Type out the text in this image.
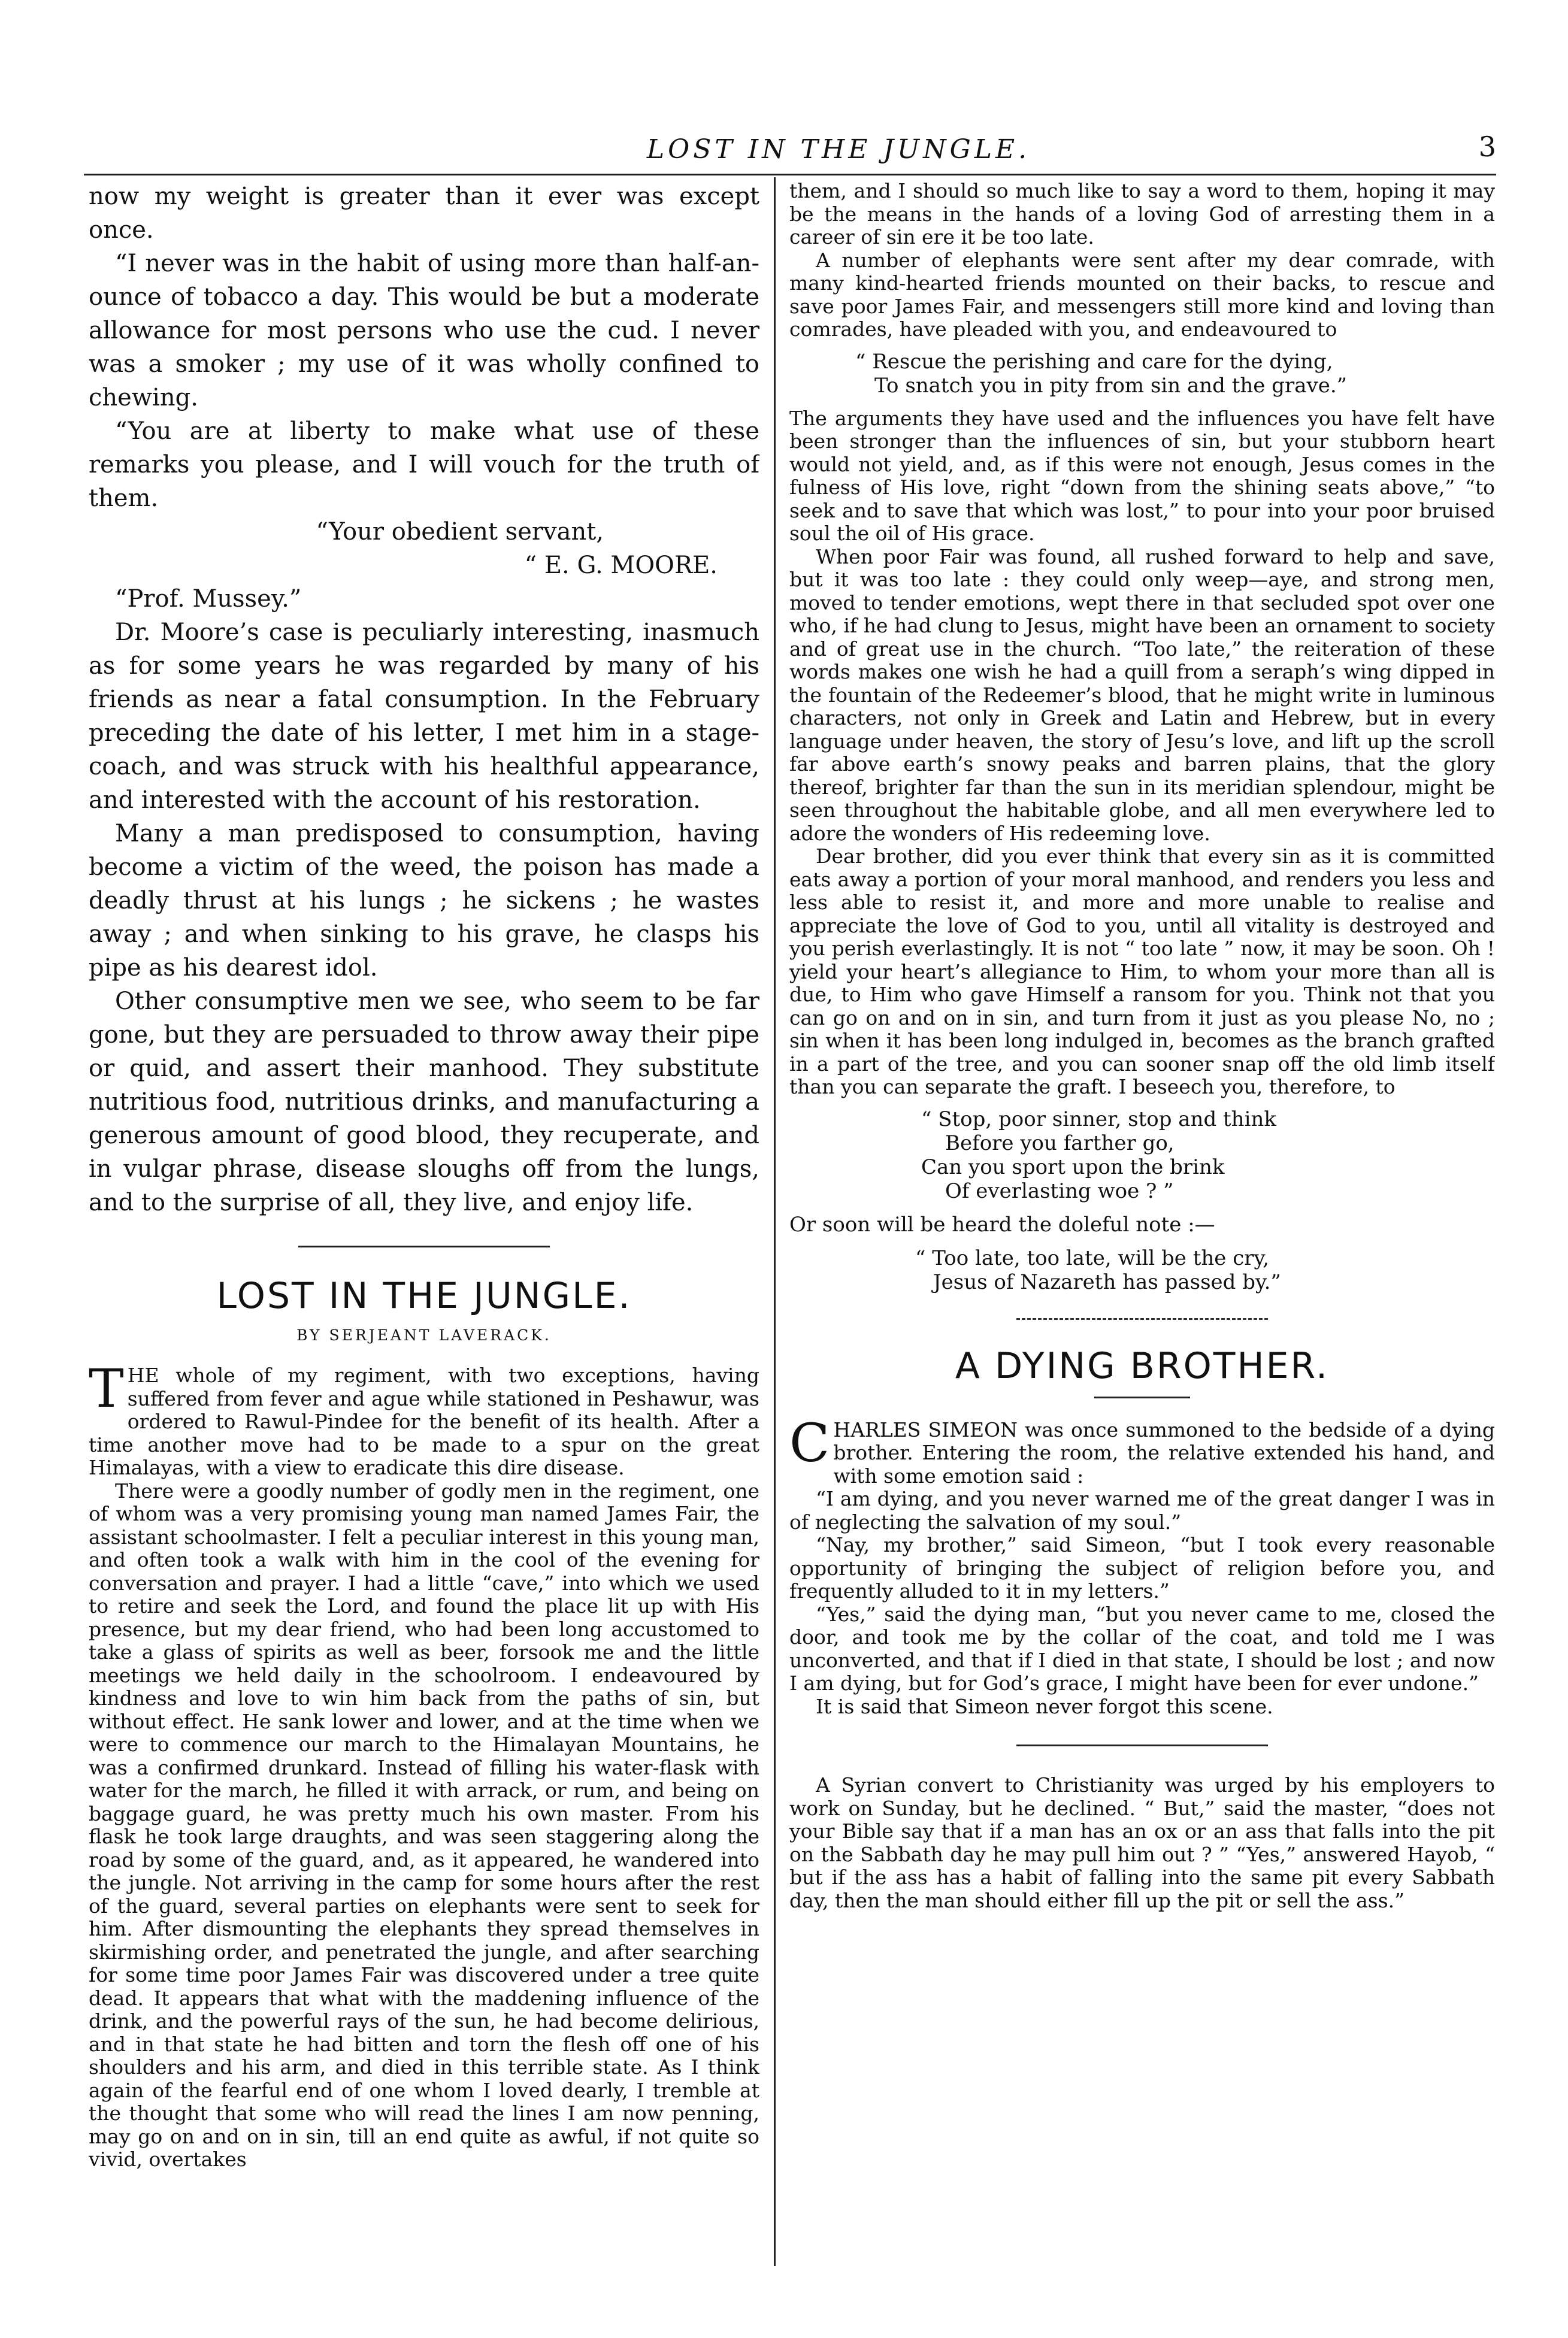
LOST IN THE JUNGLE.	3

now my weight is greater than it ever was except once.

“I never was in the habit of using more than half-an-ounce of tobacco a day. This would be but a moderate allowance for most persons who use the cud. I never was a smoker ; my use of it was wholly confined to chewing.

“You are at liberty to make what use of these remarks you please, and I will vouch for the truth of them.

“Your obedient servant,

“ E. G. MOORE.

“Prof. Mussey.”

Dr. Moore’s case is peculiarly interesting, inasmuch as for some years he was regarded by many of his friends as near a fatal consumption. In the February preceding the date of his letter, I met him in a stage-coach, and was struck with his healthful appearance, and interested with the account of his restoration.

Many a man predisposed to consumption, having become a victim of the weed, the poison has made a deadly thrust at his lungs ; he sickens ; he wastes away ; and when sinking to his grave, he clasps his pipe as his dearest idol.

Other consumptive men we see, who seem to be far gone, but they are persuaded to throw away their pipe or quid, and assert their manhood. They substitute nutritious food, nutritious drinks, and manufacturing a generous amount of good blood, they recuperate, and in vulgar phrase, disease sloughs off from the lungs, and to the surprise of all, they live, and enjoy life.

LOST IN THE JUNGLE.
BY SERJEANT LAVERACK.

THE whole of my regiment, with two exceptions, having suffered from fever and ague while stationed in Peshawur, was ordered to Rawul-Pindee for the benefit of its health. After a time another move had to be made to a spur on the great Himalayas, with a view to eradicate this dire disease.

There were a goodly number of godly men in the regiment, one of whom was a very promising young man named James Fair, the assistant schoolmaster. I felt a peculiar interest in this young man, and often took a walk with him in the cool of the evening for conversation and prayer. I had a little “cave,” into which we used to retire and seek the Lord, and found the place lit up with His presence, but my dear friend, who had been long accustomed to take a glass of spirits as well as beer, forsook me and the little meetings we held daily in the schoolroom. I endeavoured by kindness and love to win him back from the paths of sin, but without effect. He sank lower and lower, and at the time when we were to commence our march to the Himalayan Mountains, he was a confirmed drunkard. Instead of filling his water-flask with water for the march, he filled it with arrack, or rum, and being on baggage guard, he was pretty much his own master. From his flask he took large draughts, and was seen staggering along the road by some of the guard, and, as it appeared, he wandered into the jungle. Not arriving in the camp for some hours after the rest of the guard, several parties on elephants were sent to seek for him. After dismounting the elephants they spread themselves in skirmishing order, and penetrated the jungle, and after searching for some time poor James Fair was discovered under a tree quite dead. It appears that what with the maddening influence of the drink, and the powerful rays of the sun, he had become delirious, and in that state he had bitten and torn the flesh off one of his shoulders and his arm, and died in this terrible state. As I think again of the fearful end of one whom I loved dearly, I tremble at the thought that some who will read the lines I am now penning, may go on and on in sin, till an end quite as awful, if not quite so vivid, overtakes

them, and I should so much like to say a word to them, hoping it may be the means in the hands of a loving God of arresting them in a career of sin ere it be too late.

A number of elephants were sent after my dear comrade, with many kind-hearted friends mounted on their backs, to rescue and save poor James Fair, and messengers still more kind and loving than comrades, have pleaded with you, and endeavoured to

“ Rescue the perishing and care for the dying,
To snatch you in pity from sin and the grave.”

The arguments they have used and the influences you have felt have been stronger than the influences of sin, but your stubborn heart would not yield, and, as if this were not enough, Jesus comes in the fulness of His love, right “down from the shining seats above,” “to seek and to save that which was lost,” to pour into your poor bruised soul the oil of His grace.

When poor Fair was found, all rushed forward to help and save, but it was too late : they could only weep—aye, and strong men, moved to tender emotions, wept there in that secluded spot over one who, if he had clung to Jesus, might have been an ornament to society and of great use in the church. “Too late,” the reiteration of these words makes one wish he had a quill from a seraph’s wing dipped in the fountain of the Redeemer’s blood, that he might write in luminous characters, not only in Greek and Latin and Hebrew, but in every language under heaven, the story of Jesu’s love, and lift up the scroll far above earth’s snowy peaks and barren plains, that the glory thereof, brighter far than the sun in its meridian splendour, might be seen throughout the habitable globe, and all men everywhere led to adore the wonders of His redeeming love.

Dear brother, did you ever think that every sin as it is committed eats away a portion of your moral manhood, and renders you less and less able to resist it, and more and more unable to realise and appreciate the love of God to you, until all vitality is destroyed and you perish everlastingly. It is not “ too late ” now, it may be soon. Oh ! yield your heart’s allegiance to Him, to whom your more than all is due, to Him who gave Himself a ransom for you. Think not that you can go on and on in sin, and turn from it just as you please No, no ; sin when it has been long indulged in, becomes as the branch grafted in a part of the tree, and you can sooner snap off the old limb itself than you can separate the graft. I beseech you, therefore, to

“ Stop, poor sinner, stop and think
Before you farther go,
Can you sport upon the brink
Of everlasting woe ? ”

Or soon will be heard the doleful note :—

“ Too late, too late, will be the cry,
Jesus of Nazareth has passed by.”
A DYING BROTHER.

CHARLES SIMEON was once summoned to the bedside of a dying brother. Entering the room, the relative extended his hand, and with some emotion said :

“I am dying, and you never warned me of the great danger I was in of neglecting the salvation of my soul.”

“Nay, my brother,” said Simeon, “but I took every reasonable opportunity of bringing the subject of religion before you, and frequently alluded to it in my letters.”

“Yes,” said the dying man, “but you never came to me, closed the door, and took me by the collar of the coat, and told me I was unconverted, and that if I died in that state, I should be lost ; and now I am dying, but for God’s grace, I might have been for ever undone.”

It is said that Simeon never forgot this scene.

A Syrian convert to Christianity was urged by his employers to work on Sunday, but he declined. “ But,” said the master, “does not your Bible say that if a man has an ox or an ass that falls into the pit on the Sabbath day he may pull him out ? ” “Yes,” answered Hayob, “ but if the ass has a habit of falling into the same pit every Sabbath day, then the man should either fill up the pit or sell the ass.”
